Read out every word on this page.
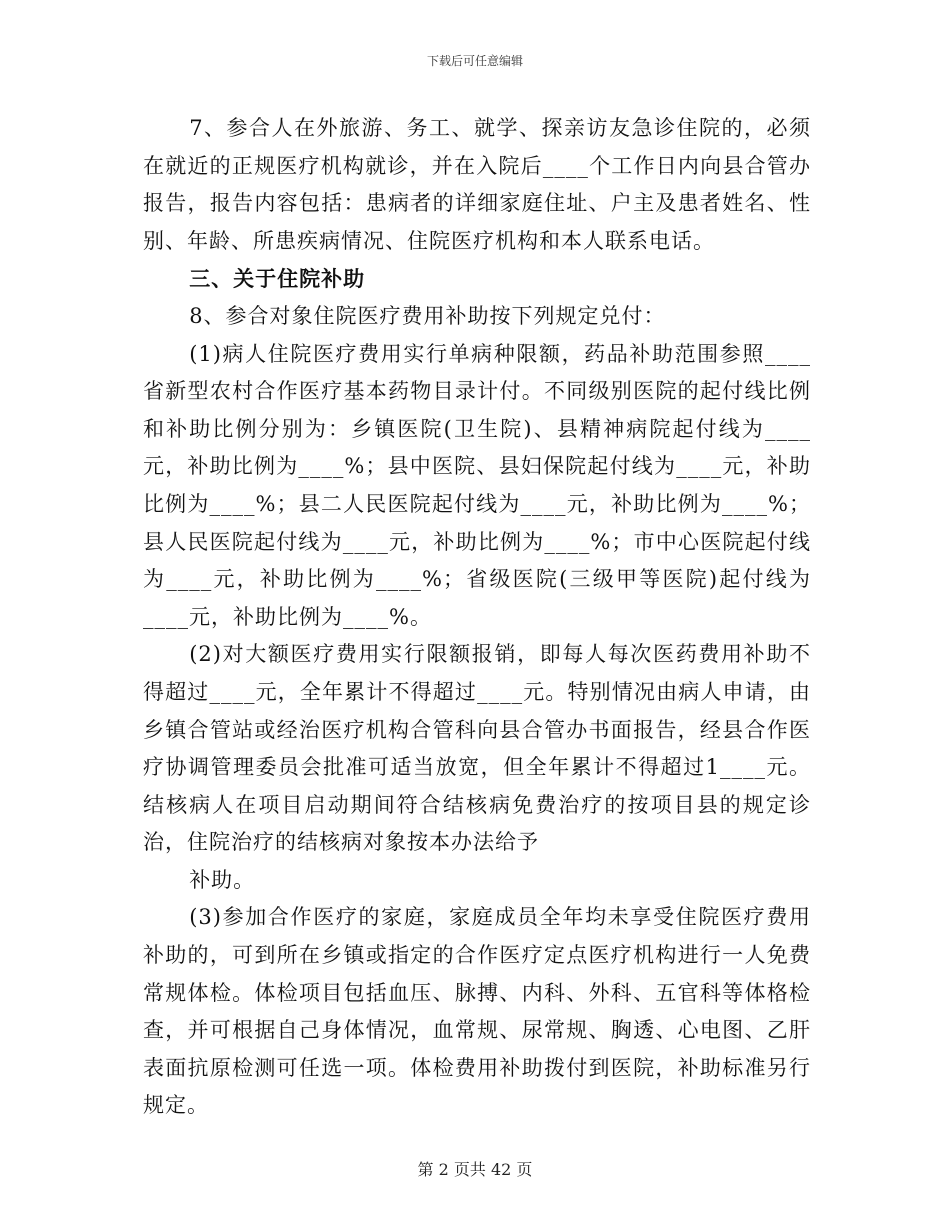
下载后可任意编辑

7、参合人在外旅游、务工、就学、探亲访友急诊住院的，必须在就近的正规医疗机构就诊，并在入院后____个工作日内向县合管办报告，报告内容包括：患病者的详细家庭住址、户主及患者姓名、性别、年龄、所患疾病情况、住院医疗机构和本人联系电话。

三、关于住院补助

8、参合对象住院医疗费用补助按下列规定兑付：

(1)病人住院医疗费用实行单病种限额，药品补助范围参照____省新型农村合作医疗基本药物目录计付。不同级别医院的起付线比例和补助比例分别为：乡镇医院(卫生院)、县精神病院起付线为____元，补助比例为____%；县中医院、县妇保院起付线为____元，补助比例为____%；县二人民医院起付线为____元，补助比例为____%；县人民医院起付线为____元，补助比例为____%；市中心医院起付线为____元，补助比例为____%；省级医院(三级甲等医院)起付线为____元，补助比例为____%。

(2)对大额医疗费用实行限额报销，即每人每次医药费用补助不得超过____元，全年累计不得超过____元。特别情况由病人申请，由乡镇合管站或经治医疗机构合管科向县合管办书面报告，经县合作医疗协调管理委员会批准可适当放宽，但全年累计不得超过1____元。结核病人在项目启动期间符合结核病免费治疗的按项目县的规定诊治，住院治疗的结核病对象按本办法给予

补助。

(3)参加合作医疗的家庭，家庭成员全年均未享受住院医疗费用补助的，可到所在乡镇或指定的合作医疗定点医疗机构进行一人免费常规体检。体检项目包括血压、脉搏、内科、外科、五官科等体格检查，并可根据自己身体情况，血常规、尿常规、胸透、心电图、乙肝表面抗原检测可任选一项。体检费用补助拨付到医院，补助标准另行规定。

第 2 页共 42 页
